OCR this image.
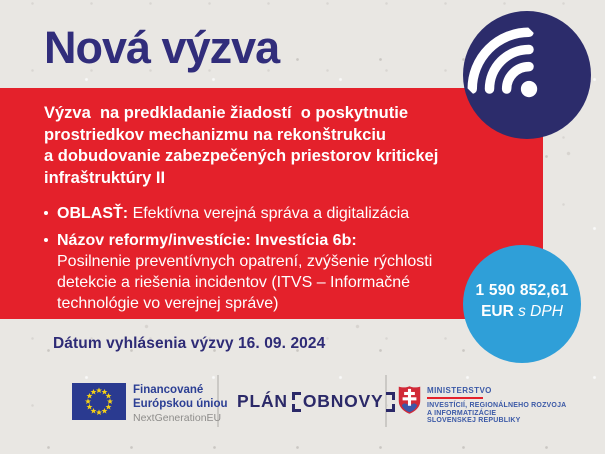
Nová výzva
Výzva  na predkladanie žiadostí  o poskytnutie
prostriedkov mechanizmu na rekonštrukciu
a dobudovanie zabezpečených priestorov kritickej
infraštruktúry II
OBLASŤ: Efektívna verejná správa a digitalizácia
Názov reformy/investície: Investícia 6b:
Posilnenie preventívnych opatrení, zvýšenie rýchlosti
detekcie a riešenia incidentov (ITVS – Informačné
technológie vo verejnej správe)
1 590 852,61
EUR s DPH
Dátum vyhlásenia výzvy 16. 09. 2024
Financované
Európskou úniou
NextGenerationEU
PLÁN OBNOVY
MINISTERSTVO
INVESTÍCIÍ, REGIONÁLNEHO ROZVOJA
A INFORMATIZÁCIE
SLOVENSKEJ REPUBLIKY
